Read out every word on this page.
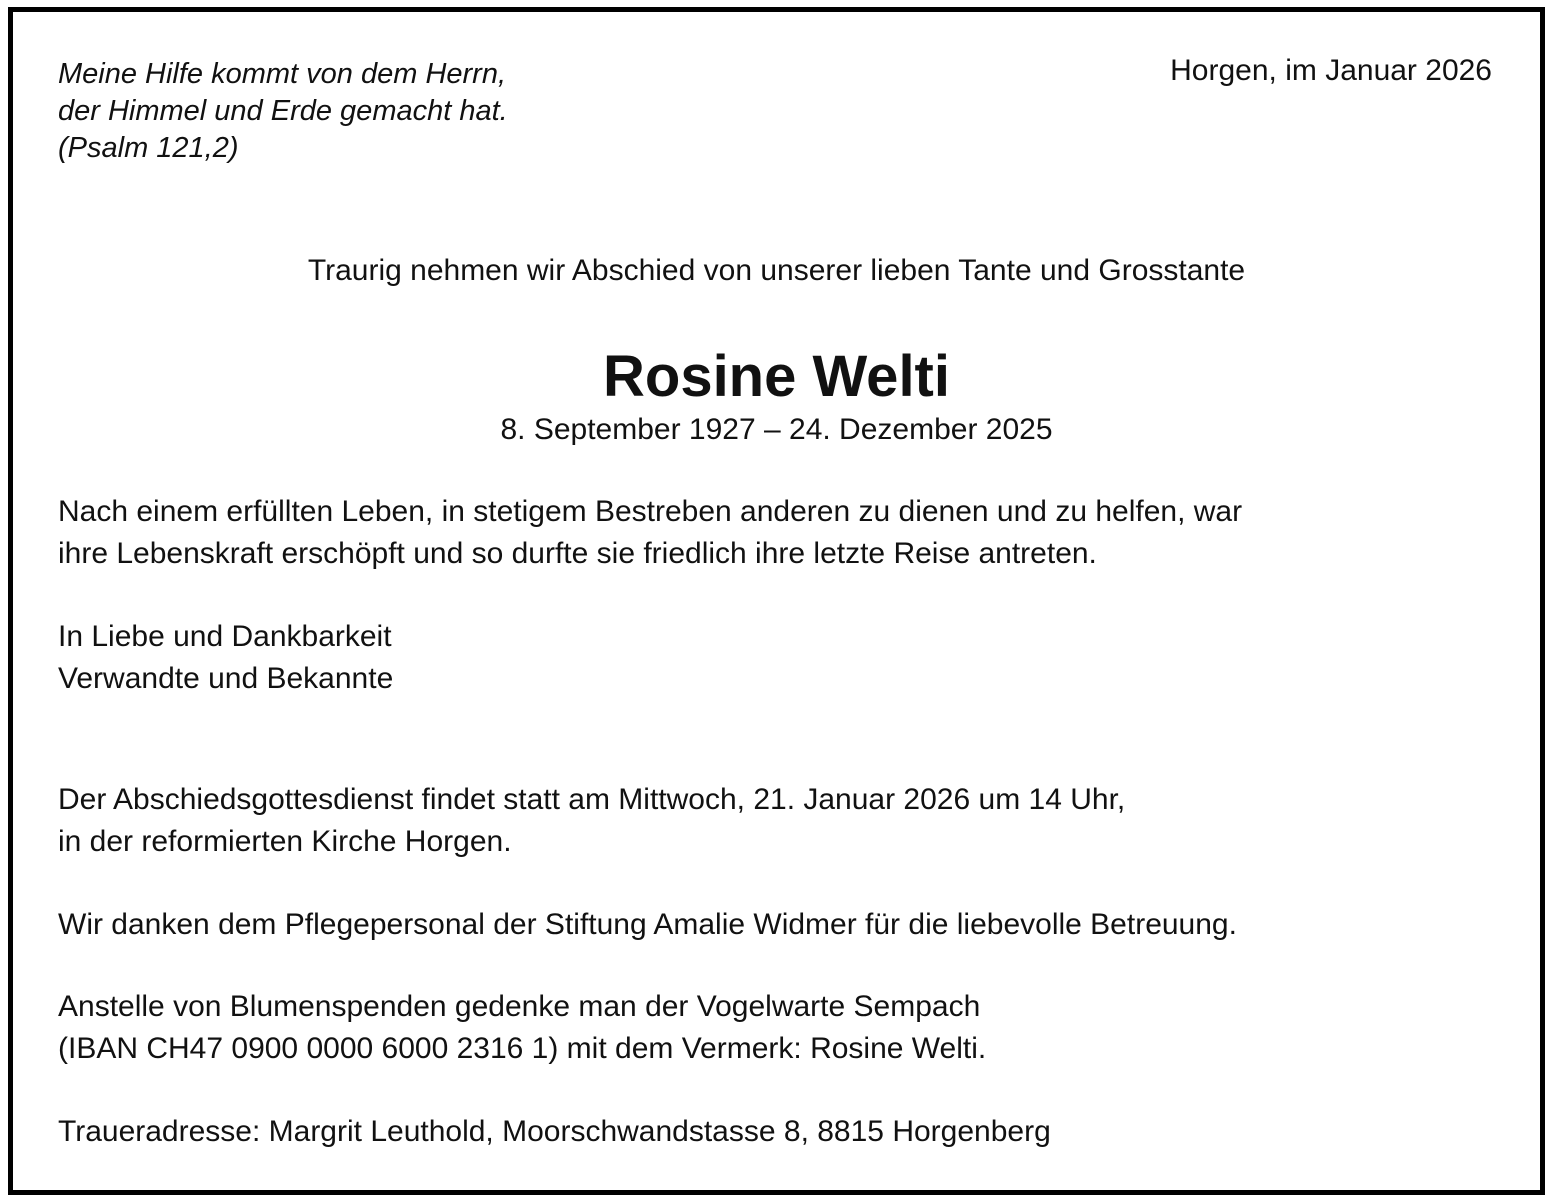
Meine Hilfe kommt von dem Herrn,
der Himmel und Erde gemacht hat.
(Psalm 121,2)
Horgen, im Januar 2026
Traurig nehmen wir Abschied von unserer lieben Tante und Grosstante
Rosine Welti
8. September 1927 – 24. Dezember 2025
Nach einem erfüllten Leben, in stetigem Bestreben anderen zu dienen und zu helfen, war
ihre Lebenskraft erschöpft und so durfte sie friedlich ihre letzte Reise antreten.
In Liebe und Dankbarkeit
Verwandte und Bekannte
Der Abschiedsgottesdienst findet statt am Mittwoch, 21. Januar 2026 um 14 Uhr,
in der reformierten Kirche Horgen.
Wir danken dem Pflegepersonal der Stiftung Amalie Widmer für die liebevolle Betreuung.
Anstelle von Blumenspenden gedenke man der Vogelwarte Sempach
(IBAN CH47 0900 0000 6000 2316 1) mit dem Vermerk: Rosine Welti.
Traueradresse: Margrit Leuthold, Moorschwandstasse 8, 8815 Horgenberg
